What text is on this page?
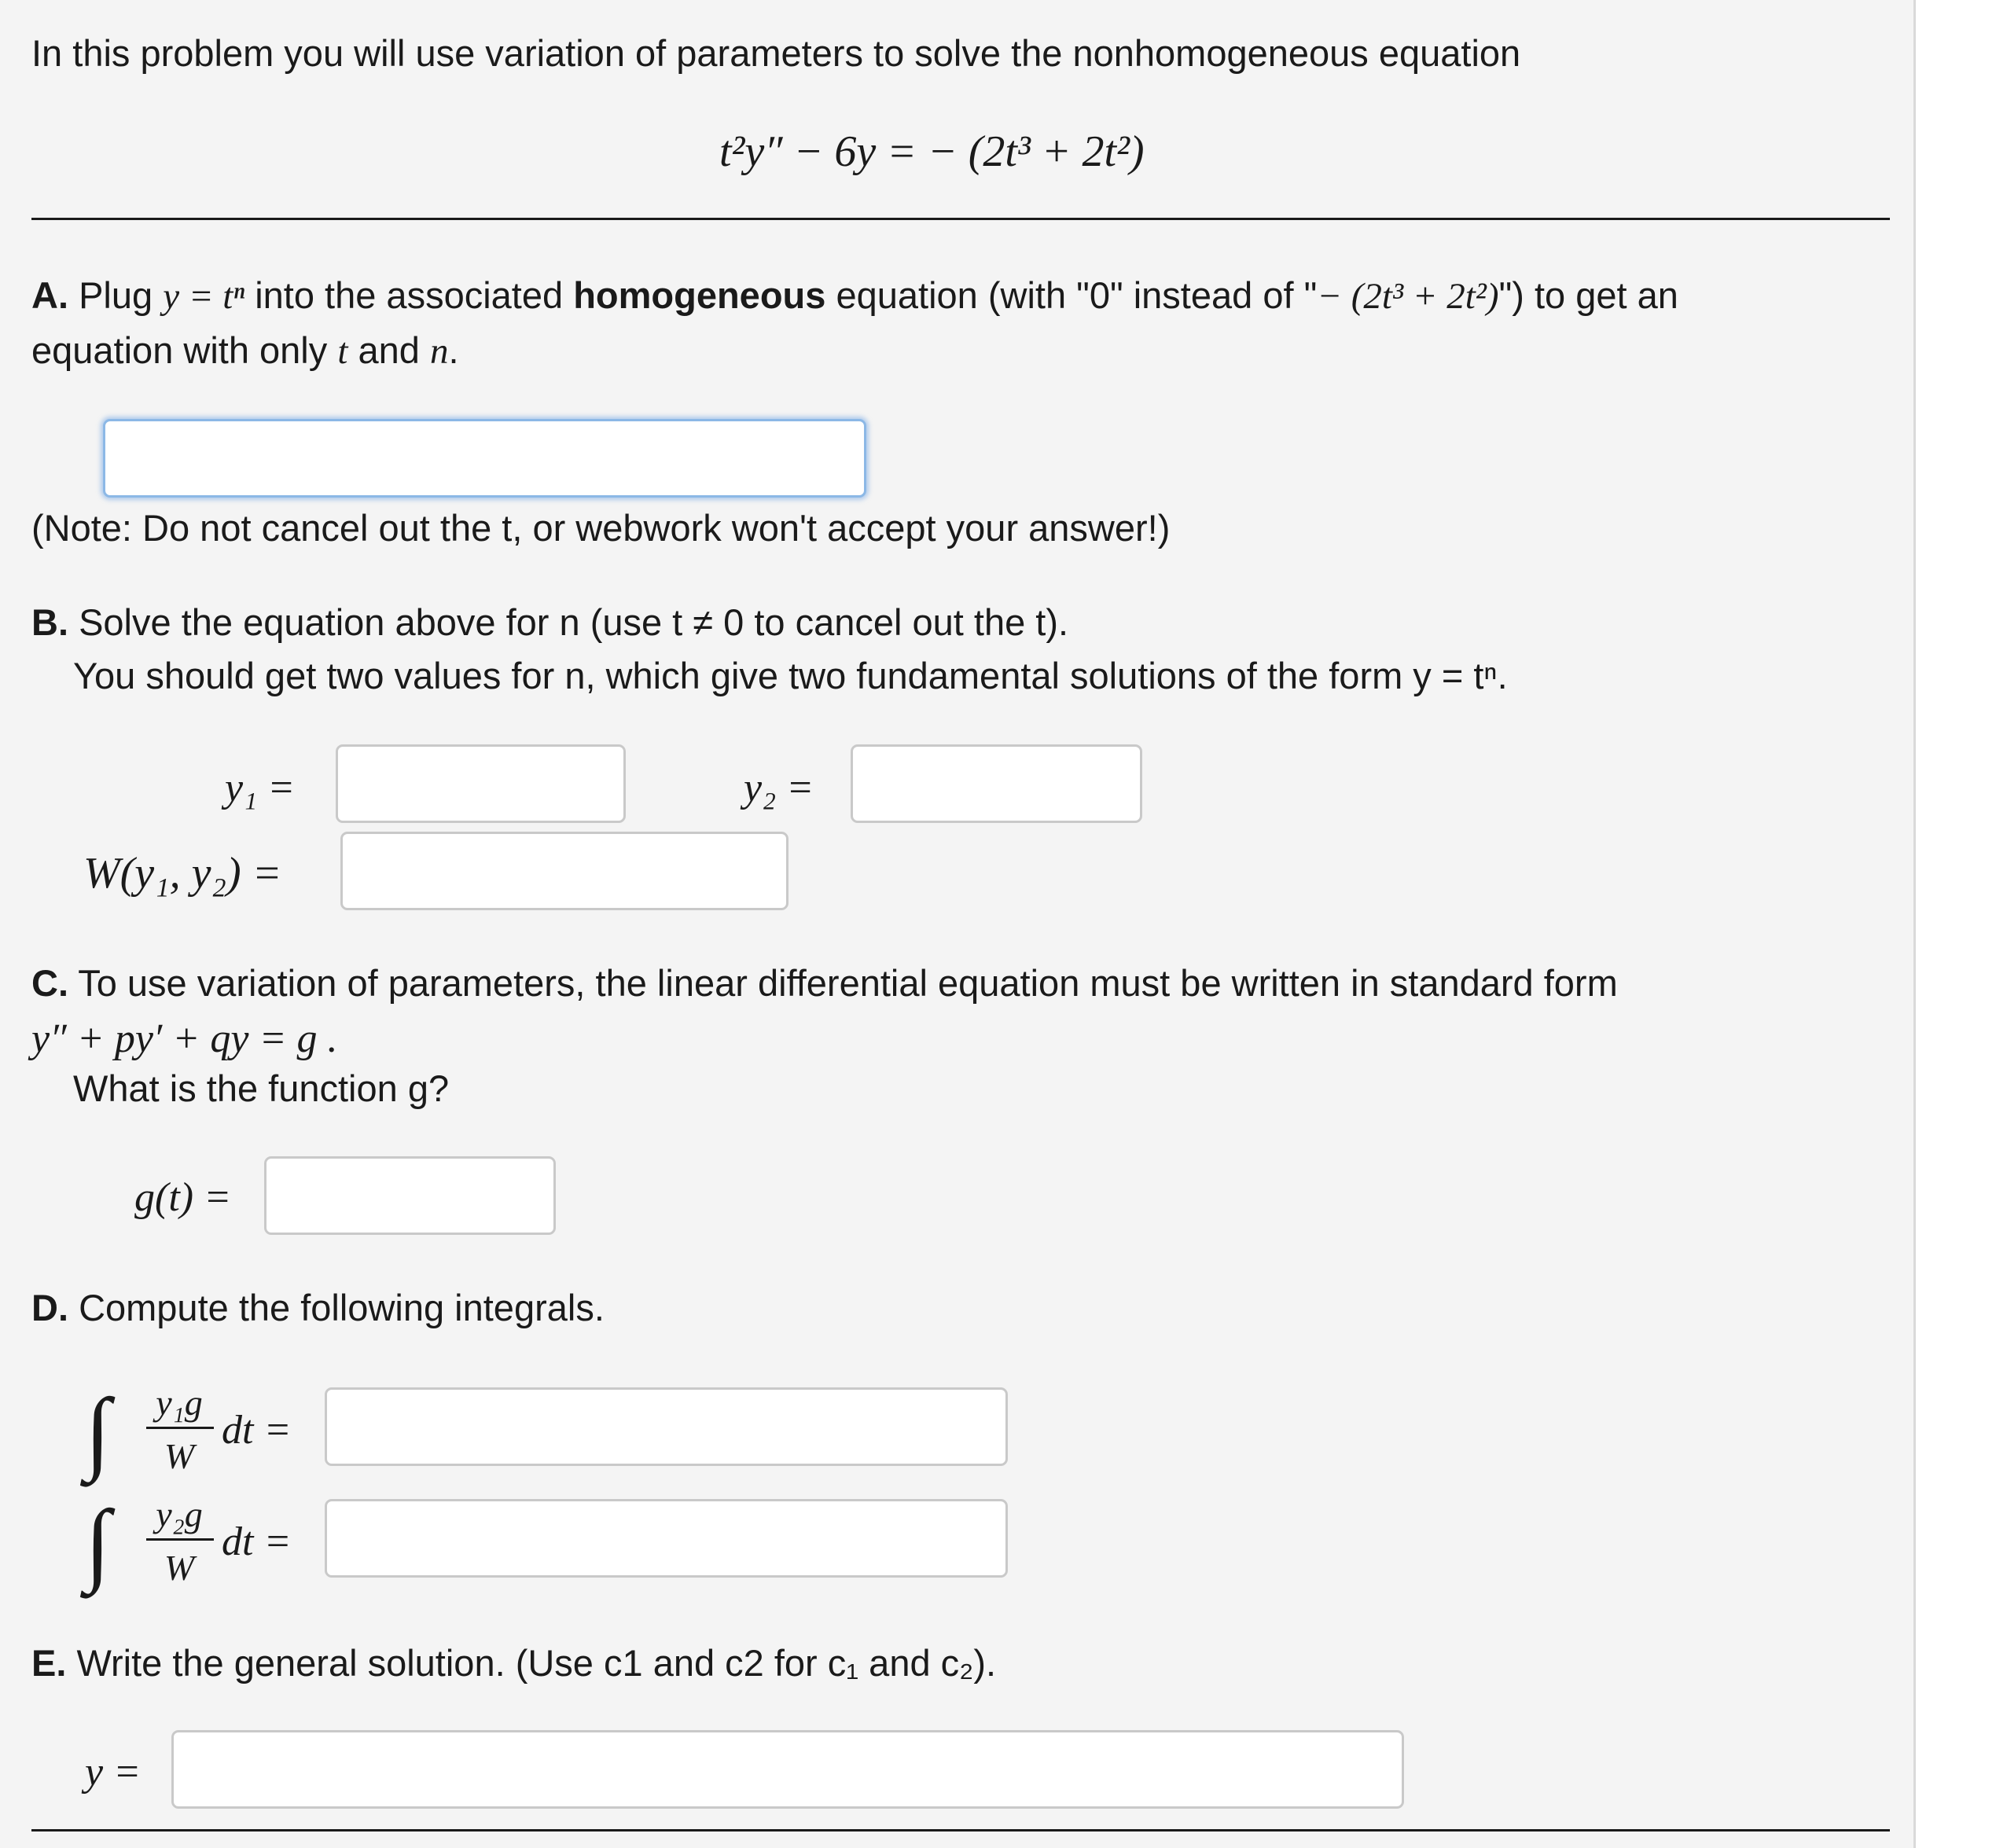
In this problem you will use variation of parameters to solve the nonhomogeneous equation
t²y″ − 6y = − (2t³ + 2t²)
A. Plug y = tⁿ into the associated homogeneous equation (with "0" instead of "− (2t³ + 2t²)") to get an
equation with only t and n.
(Note: Do not cancel out the t, or webwork won't accept your answer!)
B. Solve the equation above for n (use t ≠ 0 to cancel out the t).
You should get two values for n, which give two fundamental solutions of the form y = tⁿ.
y₁ =	y₂ =
W(y₁, y₂) =
C. To use variation of parameters, the linear differential equation must be written in standard form
y″ + py′ + qy = g .
What is the function g?
g(t) =
D. Compute the following integrals.
∫	y₁g
W
dt =
∫	y₂g
W
dt =
E. Write the general solution. (Use c1 and c2 for c₁ and c₂).
y =
